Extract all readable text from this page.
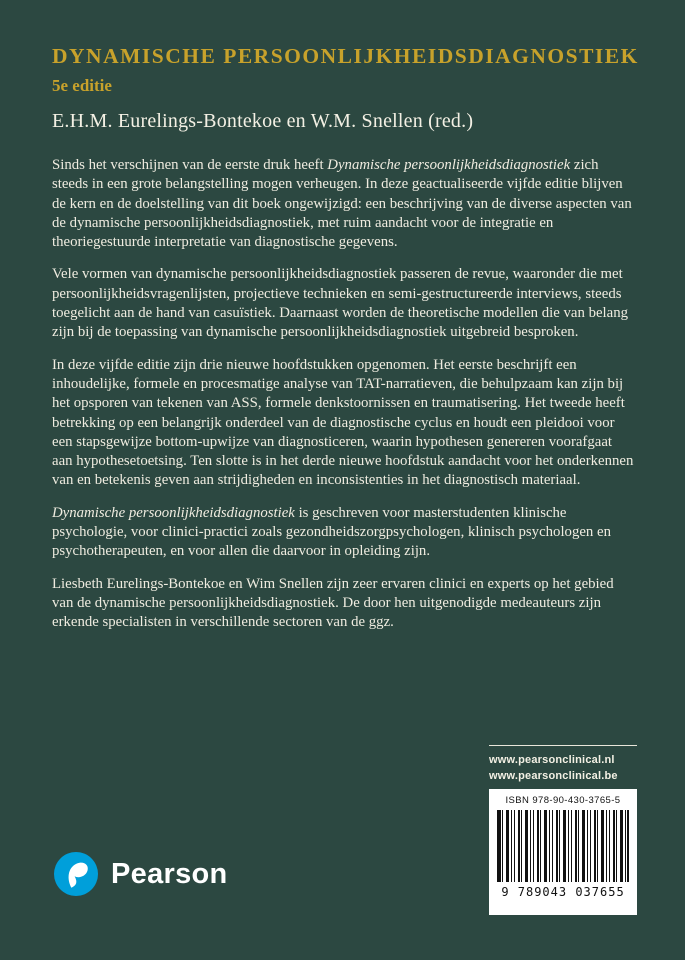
DYNAMISCHE PERSOONLIJKHEIDSDIAGNOSTIEK
5e editie
E.H.M. Eurelings-Bontekoe en W.M. Snellen (red.)

Sinds het verschijnen van de eerste druk heeft Dynamische persoonlijkheidsdiagnostiek zich steeds in een grote belangstelling mogen verheugen. In deze geactualiseerde vijfde editie blijven de kern en de doelstelling van dit boek ongewijzigd: een beschrijving van de diverse aspecten van de dynamische persoonlijkheidsdiagnostiek, met ruim aandacht voor de integratie en theoriegestuurde interpretatie van diagnostische gegevens.

Vele vormen van dynamische persoonlijkheidsdiagnostiek passeren de revue, waaronder die met persoonlijkheidsvragenlijsten, projectieve technieken en semi-gestructureerde interviews, steeds toegelicht aan de hand van casuïstiek. Daarnaast worden de theoretische modellen die van belang zijn bij de toepassing van dynamische persoonlijkheidsdiagnostiek uitgebreid besproken.

In deze vijfde editie zijn drie nieuwe hoofdstukken opgenomen. Het eerste beschrijft een inhoudelijke, formele en procesmatige analyse van TAT-narratieven, die behulpzaam kan zijn bij het opsporen van tekenen van ASS, formele denkstoornissen en traumatisering. Het tweede heeft betrekking op een belangrijk onderdeel van de diagnostische cyclus en houdt een pleidooi voor een stapsgewijze bottom-upwijze van diagnosticeren, waarin hypothesen genereren voorafgaat aan hypothesetoetsing. Ten slotte is in het derde nieuwe hoofdstuk aandacht voor het onderkennen van en betekenis geven aan strijdigheden en inconsistenties in het diagnostisch materiaal.

Dynamische persoonlijkheidsdiagnostiek is geschreven voor masterstudenten klinische psychologie, voor clinici-practici zoals gezondheidszorgpsychologen, klinisch psychologen en psychotherapeuten, en voor allen die daarvoor in opleiding zijn.

Liesbeth Eurelings-Bontekoe en Wim Snellen zijn zeer ervaren clinici en experts op het gebied van de dynamische persoonlijkheidsdiagnostiek. De door hen uitgenodigde medeauteurs zijn erkende specialisten in verschillende sectoren van de ggz.

www.pearsonclinical.nl
www.pearsonclinical.be
ISBN 978-90-430-3765-5
9 789043 037655
Pearson
